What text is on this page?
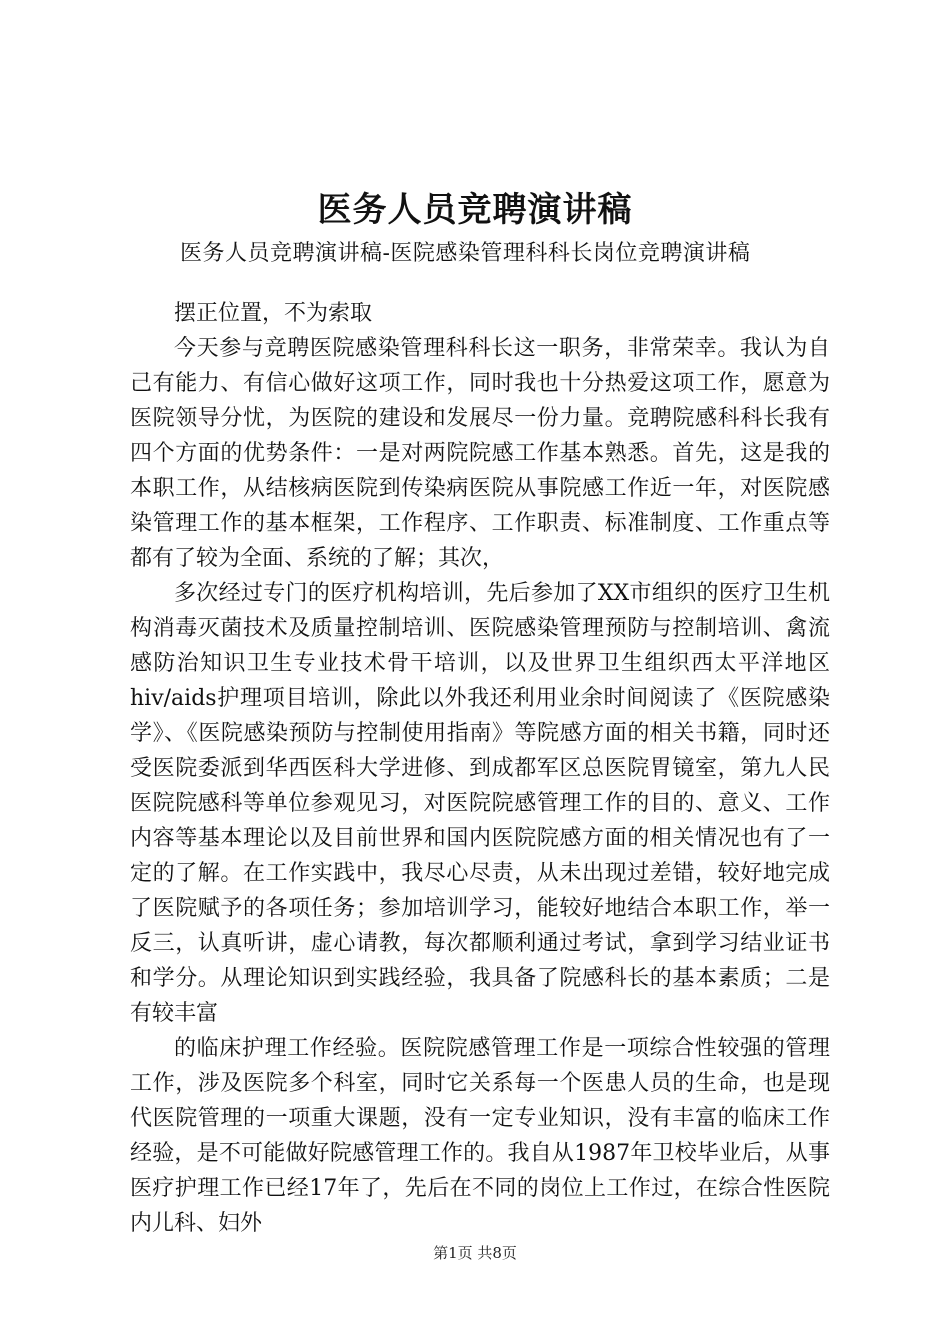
医务人员竞聘演讲稿
医务人员竞聘演讲稿-医院感染管理科科长岗位竞聘演讲稿

摆正位置，不为索取

今天参与竞聘医院感染管理科科长这一职务，非常荣幸。我认为自己有能力、有信心做好这项工作，同时我也十分热爱这项工作，愿意为医院领导分忧，为医院的建设和发展尽一份力量。竞聘院感科科长我有四个方面的优势条件：一是对两院院感工作基本熟悉。首先，这是我的本职工作，从结核病医院到传染病医院从事院感工作近一年，对医院感染管理工作的基本框架，工作程序、工作职责、标准制度、工作重点等都有了较为全面、系统的了解；其次，

多次经过专门的医疗机构培训，先后参加了XX市组织的医疗卫生机构消毒灭菌技术及质量控制培训、医院感染管理预防与控制培训、禽流感防治知识卫生专业技术骨干培训，以及世界卫生组织西太平洋地区hiv/aids护理项目培训，除此以外我还利用业余时间阅读了《医院感染学》、《医院感染预防与控制使用指南》等院感方面的相关书籍，同时还受医院委派到华西医科大学进修、到成都军区总医院胃镜室，第九人民医院院感科等单位参观见习，对医院院感管理工作的目的、意义、工作内容等基本理论以及目前世界和国内医院院感方面的相关情况也有了一定的了解。在工作实践中，我尽心尽责，从未出现过差错，较好地完成了医院赋予的各项任务；参加培训学习，能较好地结合本职工作，举一反三，认真听讲，虚心请教，每次都顺利通过考试，拿到学习结业证书和学分。从理论知识到实践经验，我具备了院感科长的基本素质；二是有较丰富

的临床护理工作经验。医院院感管理工作是一项综合性较强的管理工作，涉及医院多个科室，同时它关系每一个医患人员的生命，也是现代医院管理的一项重大课题，没有一定专业知识，没有丰富的临床工作经验，是不可能做好院感管理工作的。我自从1987年卫校毕业后，从事医疗护理工作已经17年了，先后在不同的岗位上工作过，在综合性医院内儿科、妇外

第1页 共8页
